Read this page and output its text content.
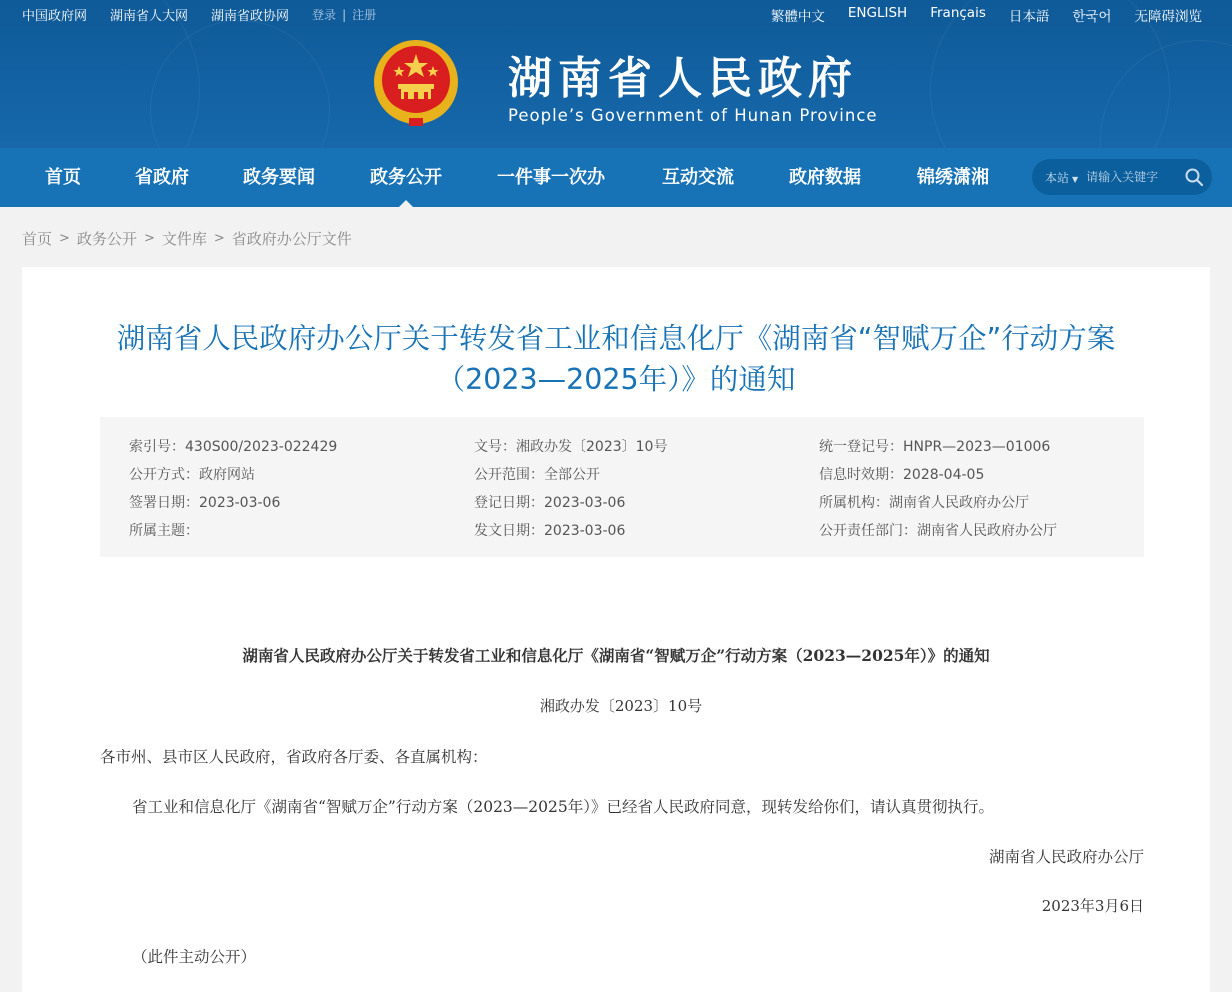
中国政府网 湖南省人大网 湖南省政协网 登录 | 注册	繁體中文 ENGLISH Français 日本語 한국어 无障碍浏览
湖南省人民政府
People’s Government of Hunan Province
首页	省政府	政务要闻	政务公开	一件事一次办	互动交流	政府数据	锦绣潇湘	本站 ▼
请输入关键字
首页 > 政务公开 > 文件库 > 省政府办公厅文件
湖南省人民政府办公厅关于转发省工业和信息化厅《湖南省“智赋万企”行动方案（2023—2025年）》的通知
索引号：430S00/2023-022429	文号：湘政办发〔2023〕10号	统一登记号：HNPR—2023—01006
公开方式：政府网站	公开范围：全部公开	信息时效期：2028-04-05
签署日期：2023-03-06	登记日期：2023-03-06	所属机构：湖南省人民政府办公厅
所属主题：	发文日期：2023-03-06	公开责任部门：湖南省人民政府办公厅
湖南省人民政府办公厅关于转发省工业和信息化厅《湖南省“智赋万企”行动方案（2023—2025年）》的通知
湘政办发〔2023〕10号
各市州、县市区人民政府，省政府各厅委、各直属机构：
省工业和信息化厅《湖南省“智赋万企”行动方案（2023—2025年）》已经省人民政府同意，现转发给你们，请认真贯彻执行。
湖南省人民政府办公厅
2023年3月6日
（此件主动公开）
